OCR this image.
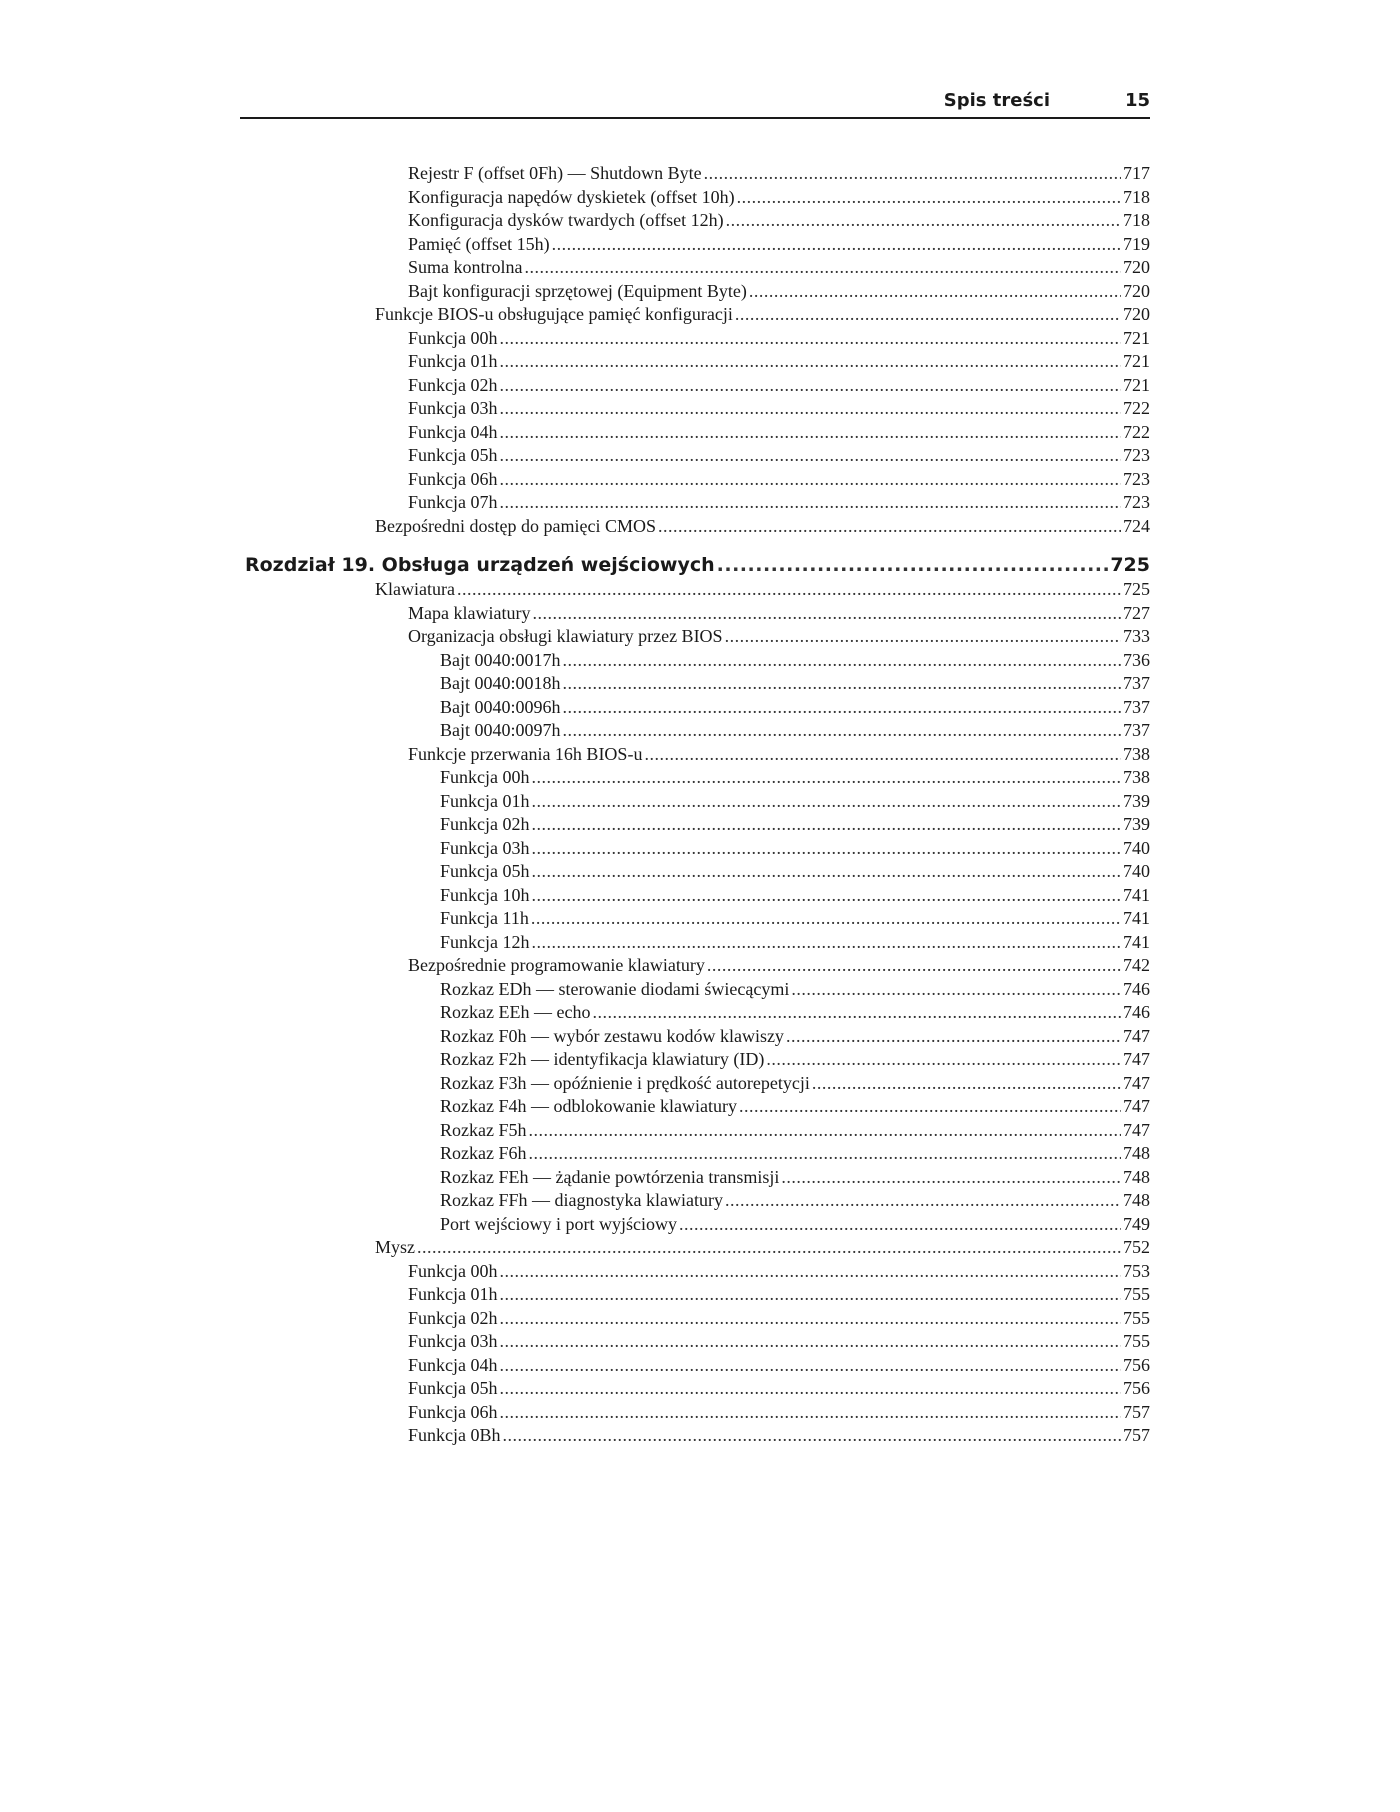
Spis treści	15
Rejestr F (offset 0Fh) — Shutdown Byte .....	717
Konfiguracja napędów dyskietek (offset 10h) .....	718
Konfiguracja dysków twardych (offset 12h) .....	718
Pamięć (offset 15h) .....	719
Suma kontrolna .....	720
Bajt konfiguracji sprzętowej (Equipment Byte) .....	720
Funkcje BIOS-u obsługujące pamięć konfiguracji .....	720
Funkcja 00h .....	721
Funkcja 01h .....	721
Funkcja 02h .....	721
Funkcja 03h .....	722
Funkcja 04h .....	722
Funkcja 05h .....	723
Funkcja 06h .....	723
Funkcja 07h .....	723
Bezpośredni dostęp do pamięci CMOS .....	724
Rozdział 19. Obsługa urządzeń wejściowych .....	725
Klawiatura .....	725
Mapa klawiatury .....	727
Organizacja obsługi klawiatury przez BIOS .....	733
Bajt 0040:0017h .....	736
Bajt 0040:0018h .....	737
Bajt 0040:0096h .....	737
Bajt 0040:0097h .....	737
Funkcje przerwania 16h BIOS-u .....	738
Funkcja 00h .....	738
Funkcja 01h .....	739
Funkcja 02h .....	739
Funkcja 03h .....	740
Funkcja 05h .....	740
Funkcja 10h .....	741
Funkcja 11h .....	741
Funkcja 12h .....	741
Bezpośrednie programowanie klawiatury .....	742
Rozkaz EDh — sterowanie diodami świecącymi .....	746
Rozkaz EEh — echo .....	746
Rozkaz F0h — wybór zestawu kodów klawiszy .....	747
Rozkaz F2h — identyfikacja klawiatury (ID) .....	747
Rozkaz F3h — opóźnienie i prędkość autorepetycji .....	747
Rozkaz F4h — odblokowanie klawiatury .....	747
Rozkaz F5h .....	747
Rozkaz F6h .....	748
Rozkaz FEh — żądanie powtórzenia transmisji .....	748
Rozkaz FFh — diagnostyka klawiatury .....	748
Port wejściowy i port wyjściowy .....	749
Mysz .....	752
Funkcja 00h .....	753
Funkcja 01h .....	755
Funkcja 02h .....	755
Funkcja 03h .....	755
Funkcja 04h .....	756
Funkcja 05h .....	756
Funkcja 06h .....	757
Funkcja 0Bh .....	757
